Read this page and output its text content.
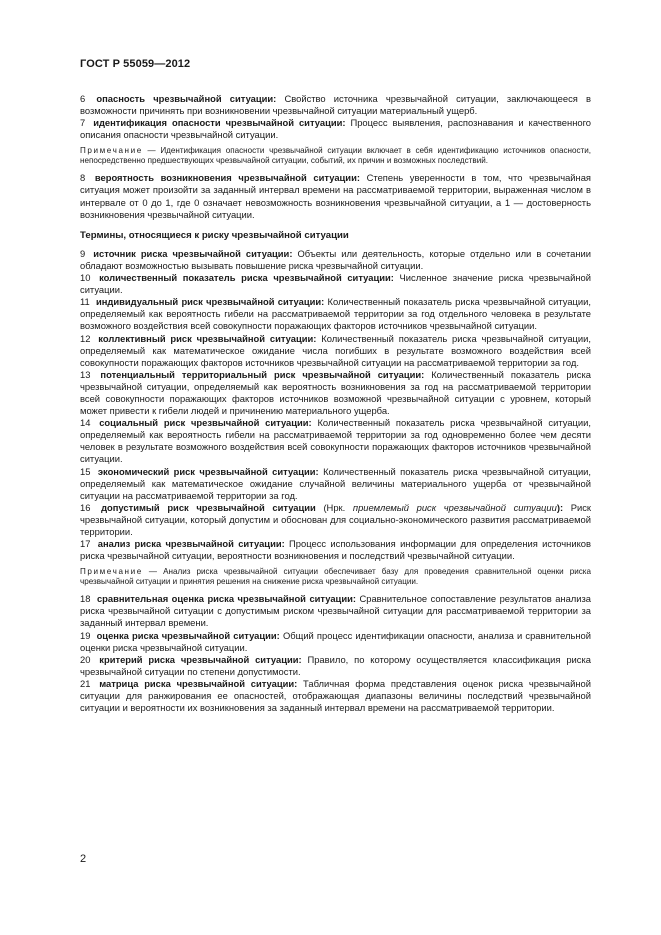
ГОСТ Р 55059—2012

6 опасность чрезвычайной ситуации: Свойство источника чрезвычайной ситуации, заключающееся в возможности причинять при возникновении чрезвычайной ситуации материальный ущерб.

7 идентификация опасности чрезвычайной ситуации: Процесс выявления, распознавания и качественного описания опасности чрезвычайной ситуации.

Примечание — Идентификация опасности чрезвычайной ситуации включает в себя идентификацию источников опасности, непосредственно предшествующих чрезвычайной ситуации, событий, их причин и возможных последствий.

8 вероятность возникновения чрезвычайной ситуации: Степень уверенности в том, что чрезвычайная ситуация может произойти за заданный интервал времени на рассматриваемой территории, выраженная числом в интервале от 0 до 1, где 0 означает невозможность возникновения чрезвычайной ситуации, а 1 — достоверность возникновения чрезвычайной ситуации.

Термины, относящиеся к риску чрезвычайной ситуации

9 источник риска чрезвычайной ситуации: Объекты или деятельность, которые отдельно или в сочетании обладают возможностью вызывать повышение риска чрезвычайной ситуации.

10 количественный показатель риска чрезвычайной ситуации: Численное значение риска чрезвычайной ситуации.

11 индивидуальный риск чрезвычайной ситуации: Количественный показатель риска чрезвычайной ситуации, определяемый как вероятность гибели на рассматриваемой территории за год отдельного человека в результате возможного воздействия всей совокупности поражающих факторов источников чрезвычайной ситуации.

12 коллективный риск чрезвычайной ситуации: Количественный показатель риска чрезвычайной ситуации, определяемый как математическое ожидание числа погибших в результате возможного воздействия всей совокупности поражающих факторов источников чрезвычайной ситуации на рассматриваемой территории за год.

13 потенциальный территориальный риск чрезвычайной ситуации: Количественный показатель риска чрезвычайной ситуации, определяемый как вероятность возникновения за год на рассматриваемой территории всей совокупности поражающих факторов источников возможной чрезвычайной ситуации с уровнем, который может привести к гибели людей и причинению материального ущерба.

14 социальный риск чрезвычайной ситуации: Количественный показатель риска чрезвычайной ситуации, определяемый как вероятность гибели на рассматриваемой территории за год одновременно более чем десяти человек в результате возможного воздействия всей совокупности поражающих факторов источников чрезвычайной ситуации.

15 экономический риск чрезвычайной ситуации: Количественный показатель риска чрезвычайной ситуации, определяемый как математическое ожидание случайной величины материального ущерба от чрезвычайной ситуации на рассматриваемой территории за год.

16 допустимый риск чрезвычайной ситуации (Нрк. приемлемый риск чрезвычайной ситуации): Риск чрезвычайной ситуации, который допустим и обоснован для социально-экономического развития рассматриваемой территории.

17 анализ риска чрезвычайной ситуации: Процесс использования информации для определения источников риска чрезвычайной ситуации, вероятности возникновения и последствий чрезвычайной ситуации.

Примечание — Анализ риска чрезвычайной ситуации обеспечивает базу для проведения сравнительной оценки риска чрезвычайной ситуации и принятия решения на снижение риска чрезвычайной ситуации.

18 сравнительная оценка риска чрезвычайной ситуации: Сравнительное сопоставление результатов анализа риска чрезвычайной ситуации с допустимым риском чрезвычайной ситуации для рассматриваемой территории за заданный интервал времени.

19 оценка риска чрезвычайной ситуации: Общий процесс идентификации опасности, анализа и сравнительной оценки риска чрезвычайной ситуации.

20 критерий риска чрезвычайной ситуации: Правило, по которому осуществляется классификация риска чрезвычайной ситуации по степени допустимости.

21 матрица риска чрезвычайной ситуации: Табличная форма представления оценок риска чрезвычайной ситуации для ранжирования ее опасностей, отображающая диапазоны величины последствий чрезвычайной ситуации и вероятности их возникновения за заданный интервал времени на рассматриваемой территории.

2
